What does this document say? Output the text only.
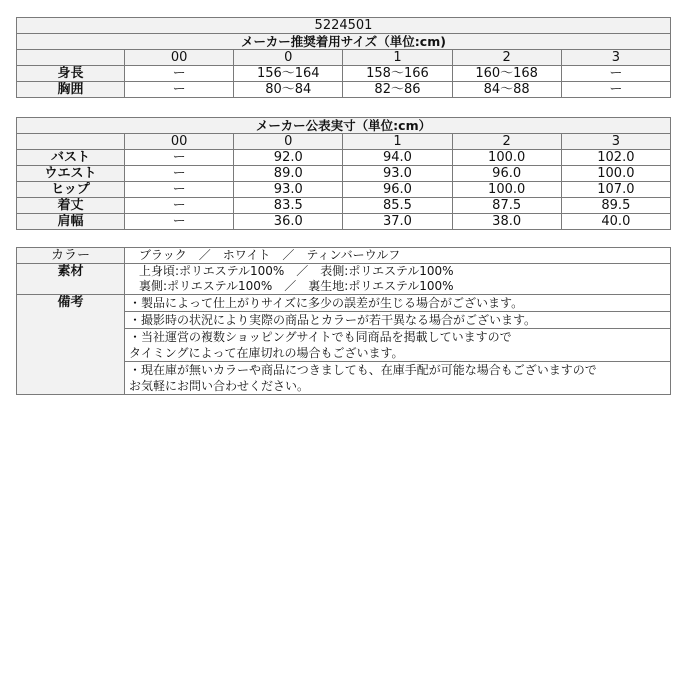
5224501					
メーカー推奨着用サイズ（単位:cm)					
	00	0	1	2	3
身長	ー	156～164	158～166	160～168	ー
胸囲	ー	80～84	82～86	84～88	ー
メーカー公表実寸（単位:cm）					
	00	0	1	2	3
バスト	ー	92.0	94.0	100.0	102.0
ウエスト	ー	89.0	93.0	96.0	100.0
ヒップ	ー	93.0	96.0	100.0	107.0
着丈	ー	83.5	85.5	87.5	89.5
肩幅	ー	36.0	37.0	38.0	40.0
カラー	ブラック　／　ホワイト　／　ティンバーウルフ
素材	上身頃:ポリエステル100%　／　表側:ポリエステル100%
	裏側:ポリエステル100%　／　裏生地:ポリエステル100%
備考	・製品によって仕上がりサイズに多少の誤差が生じる場合がございます。
	・撮影時の状況により実際の商品とカラーが若干異なる場合がございます。
	・当社運営の複数ショッピングサイトでも同商品を掲載していますので
タイミングによって在庫切れの場合もございます。
	・現在庫が無いカラーや商品につきましても、在庫手配が可能な場合もございますので
お気軽にお問い合わせください。
